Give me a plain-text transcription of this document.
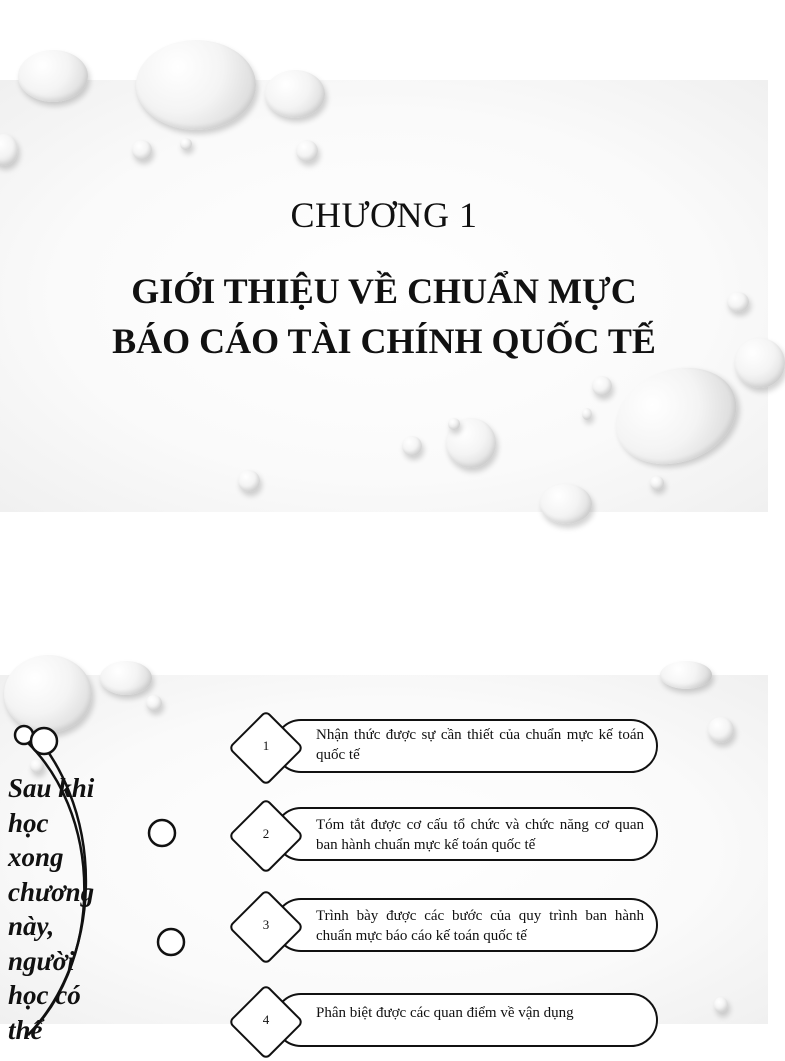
CHƯƠNG 1
GIỚI THIỆU VỀ CHUẨN MỰC
BÁO CÁO TÀI CHÍNH QUỐC TẾ
Sau khi
học
xong
chương
này,
người
học có
thể
Nhận thức được sự cần thiết của chuẩn mực kế toán quốc tế
1
Tóm tắt được cơ cấu tổ chức và chức năng cơ quan ban hành chuẩn mực kế toán quốc tế
2
Trình bày được các bước của quy trình ban hành chuẩn mực báo cáo kế toán quốc tế
3
Phân biệt được các quan điểm về vận dụng
4
